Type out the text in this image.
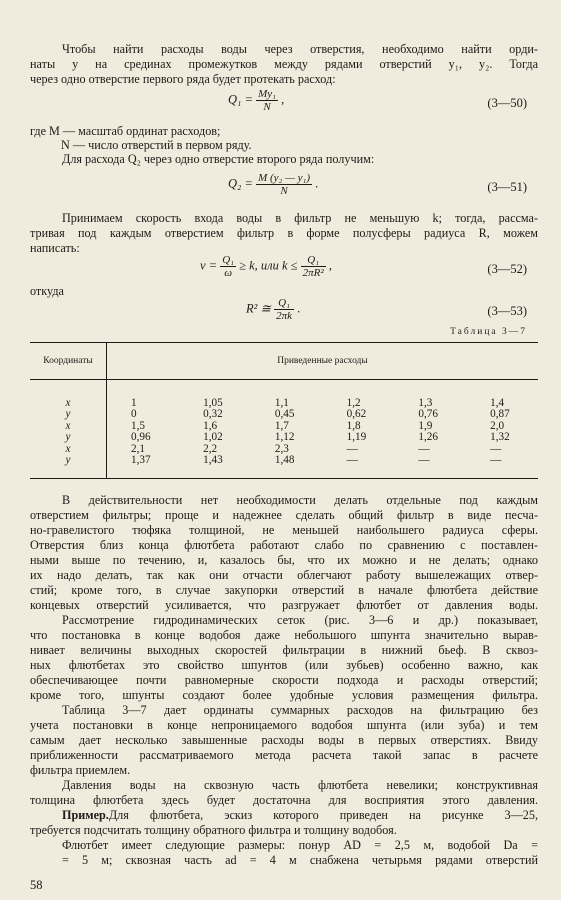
Чтобы найти расходы воды через отверстия, необходимо найти орди-
наты y на срединах промежутков между рядами отверстий y₁, y₂. Тогда
через одно отверстие первого ряда будет протекать расход:
$Q_1 = \frac{\text{My₁}}{N}$ ,	(3—50)
где M — масштаб ординат расходов;
N — число отверстий в первом ряду.
Для расхода Q₂ через одно отверстие второго ряда получим:
$Q_2 = \frac{\text{M (y₂ — y₁)}}{N}$ .	(3—51)
Принимаем скорость входа воды в фильтр не меньшую k; тогда, рассма-
тривая под каждым отверстием фильтр в форме полусферы радиуса R, можем
написать:
$v = \frac{\text{Q₁}}{\omega} \ge k$, или $k \le \frac{\text{Q₁}}{\text{2πR²}}$ ,	(3—52)
откуда
R² ≅ $\frac{\text{Q₁}}{2\pi k}$ .	(3—53)
Таблица 3—7
Координаты	Приведенные расходы					
x	1	1,05	1,1	1,2	1,3	1,4
y	0	0,32	0,45	0,62	0,76	0,87
x	1,5	1,6	1,7	1,8	1,9	2,0
y	0,96	1,02	1,12	1,19	1,26	1,32
x	2,1	2,2	2,3	—	—	—
y	1,37	1,43	1,48	—	—	—
В действительности нет необходимости делать отдельные под каждым
отверстием фильтры; проще и надежнее сделать общий фильтр в виде песча-
но-гравелистого тюфяка толщиной, не меньшей наибольшего радиуса сферы.
Отверстия близ конца флютбета работают слабо по сравнению с поставлен-
ными выше по течению, и, казалось бы, что их можно и не делать; однако
их надо делать, так как они отчасти облегчают работу вышележащих отвер-
стий; кроме того, в случае закупорки отверстий в начале флютбета действие
концевых отверстий усиливается, что разгружает флютбет от давления воды.
Рассмотрение гидродинамических сеток (рис. 3—6 и др.) показывает,
что постановка в конце водобоя даже небольшого шпунта значительно вырав-
нивает величины выходных скоростей фильтрации в нижний бьеф. В сквоз-
ных флютбетах это свойство шпунтов (или зубьев) особенно важно, как
обеспечивающее почти равномерные скорости подхода и расходы отверстий;
кроме того, шпунты создают более удобные условия размещения фильтра.
Таблица 3—7 дает ординаты суммарных расходов на фильтрацию без
учета постановки в конце непроницаемого водобоя шпунта (или зуба) и тем
самым дает несколько завышенные расходы воды в первых отверстиях. Ввиду
приближенности рассматриваемого метода расчета такой запас в расчете
фильтра приемлем.
Давления воды на сквозную часть флютбета невелики; конструктивная
толщина флютбета здесь будет достаточна для восприятия этого давления.
Пример. Для флютбета, эскиз которого приведен на рисунке 3—25,
требуется подсчитать толщину обратного фильтра и толщину водобоя.
Флютбет имеет следующие размеры: понур AD = 2,5 м, водобой Da =
58
= 5 м; сквозная часть ad = 4 м снабжена четырьмя рядами отверстий
